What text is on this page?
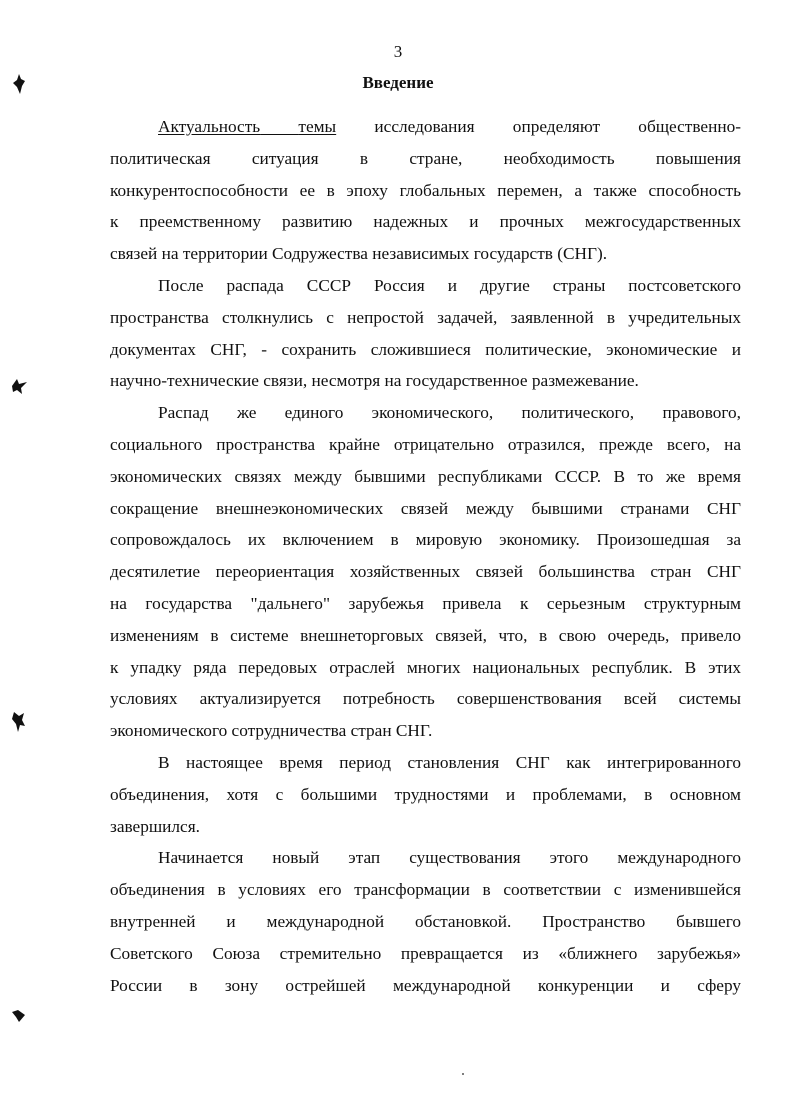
3
Введение
Актуальность темы исследования определяют общественно-
политическая ситуация в стране, необходимость повышения
конкурентоспособности ее в эпоху глобальных перемен, а также способность
к преемственному развитию надежных и прочных межгосударственных
связей на территории Содружества независимых государств (СНГ).
После распада СССР Россия и другие страны постсоветского
пространства столкнулись с непростой задачей, заявленной в учредительных
документах СНГ, - сохранить сложившиеся политические, экономические и
научно-технические связи, несмотря на государственное размежевание.
Распад же единого экономического, политического, правового,
социального пространства крайне отрицательно отразился, прежде всего, на
экономических связях между бывшими республиками СССР. В то же время
сокращение внешнеэкономических связей между бывшими странами СНГ
сопровождалось их включением в мировую экономику. Произошедшая за
десятилетие переориентация хозяйственных связей большинства стран СНГ
на государства "дальнего" зарубежья привела к серьезным структурным
изменениям в системе внешнеторговых связей, что, в свою очередь, привело
к упадку ряда передовых отраслей многих национальных республик. В этих
условиях актуализируется потребность совершенствования всей системы
экономического сотрудничества стран СНГ.
В настоящее время период становления СНГ как интегрированного
объединения, хотя с большими трудностями и проблемами, в основном
завершился.
Начинается новый этап существования этого международного
объединения в условиях его трансформации в соответствии с изменившейся
внутренней и международной обстановкой. Пространство бывшего
Советского Союза стремительно превращается из «ближнего зарубежья»
России в зону острейшей международной конкуренции и сферу
